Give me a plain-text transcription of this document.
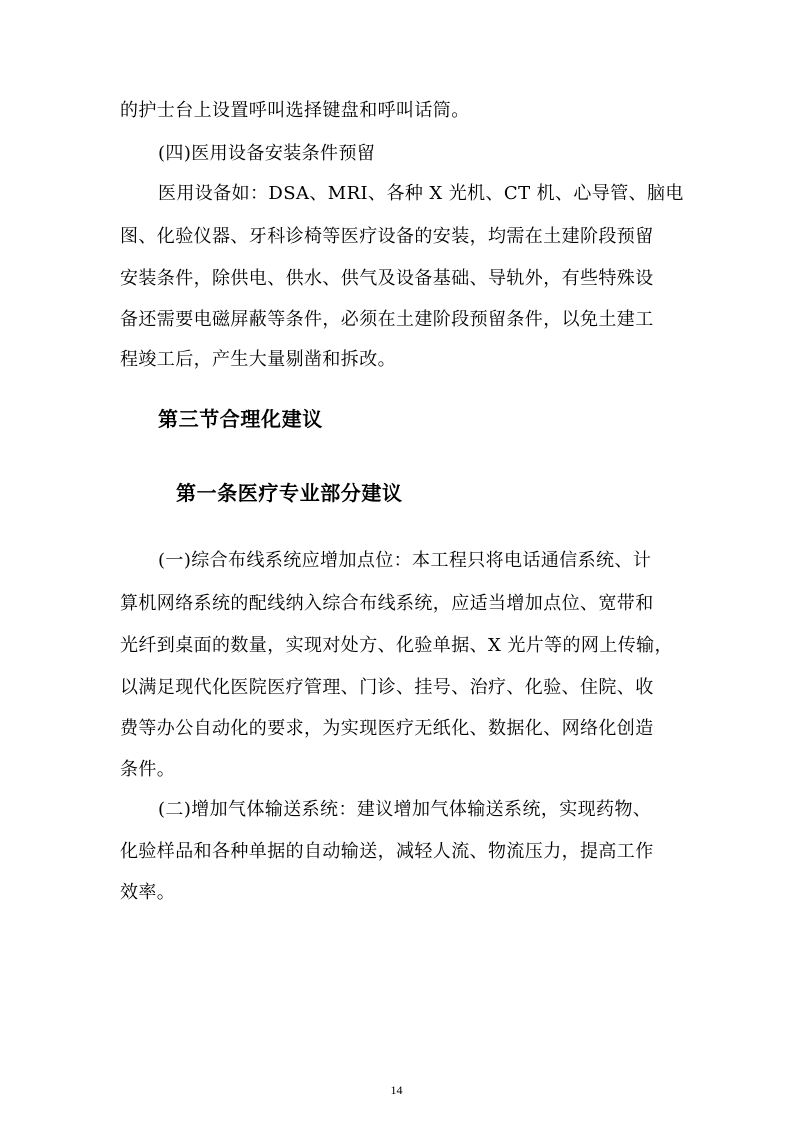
的护士台上设置呼叫选择键盘和呼叫话筒。
(四)医用设备安装条件预留
医用设备如：DSA、MRI、各种 X 光机、CT 机、心导管、脑电
图、化验仪器、牙科诊椅等医疗设备的安装，均需在土建阶段预留
安装条件，除供电、供水、供气及设备基础、导轨外，有些特殊设
备还需要电磁屏蔽等条件，必须在土建阶段预留条件，以免土建工
程竣工后，产生大量剔凿和拆改。
第三节合理化建议
第一条医疗专业部分建议
(一)综合布线系统应增加点位：本工程只将电话通信系统、计
算机网络系统的配线纳入综合布线系统，应适当增加点位、宽带和
光纤到桌面的数量，实现对处方、化验单据、X 光片等的网上传输，
以满足现代化医院医疗管理、门诊、挂号、治疗、化验、住院、收
费等办公自动化的要求，为实现医疗无纸化、数据化、网络化创造
条件。
(二)增加气体输送系统：建议增加气体输送系统，实现药物、
化验样品和各种单据的自动输送，减轻人流、物流压力，提高工作
效率。
14
